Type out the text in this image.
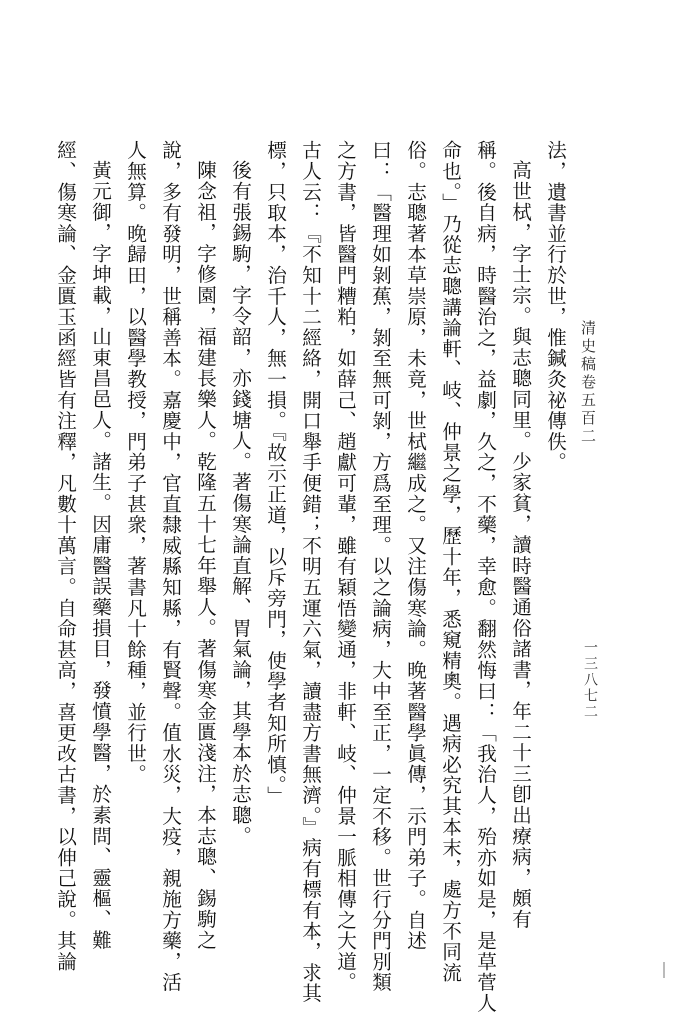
清史稿卷五百二
一三八七二
法，遺書並行於世，惟鍼灸祕傳佚。
高世栻，字士宗。與志聰同里。少家貧，讀時醫通俗諸書，年二十三卽出療病，頗有
稱。後自病，時醫治之，益劇，久之，不藥，幸愈。翻然悔曰：「我治人，殆亦如是，是草菅人
命也。」乃從志聰講論軒、岐、仲景之學，歷十年，悉窺精奧。遇病必究其本末，處方不同流
俗。志聰著本草崇原，未竟，世栻繼成之。又注傷寒論。晚著醫學眞傳，示門弟子。自述
曰：「醫理如剝蕉，剝至無可剝，方爲至理。以之論病，大中至正，一定不移。世行分門別類
之方書，皆醫門糟粕，如薛己、趙獻可輩，雖有穎悟變通，非軒、岐、仲景一脈相傳之大道。
古人云：『不知十二經絡，開口舉手便錯；不明五運六氣，讀盡方書無濟。』病有標有本，求其
標，只取本，治千人，無一損。『故示正道，以斥旁門，使學者知所慎。」
後有張錫駒，字令韶，亦錢塘人。著傷寒論直解、胃氣論，其學本於志聰。
陳念祖，字修園，福建長樂人。乾隆五十七年舉人。著傷寒金匱淺注，本志聰、錫駒之
說，多有發明，世稱善本。嘉慶中，官直隸威縣知縣，有賢聲。值水災，大疫，親施方藥，活
人無算。晚歸田，以醫學教授，門弟子甚衆，著書凡十餘種，並行世。
黃元御，字坤載，山東昌邑人。諸生。因庸醫誤藥損目，發憤學醫，於素問、靈樞、難
經、傷寒論、金匱玉函經皆有注釋，凡數十萬言。自命甚高，喜更改古書，以伸己說。其論
